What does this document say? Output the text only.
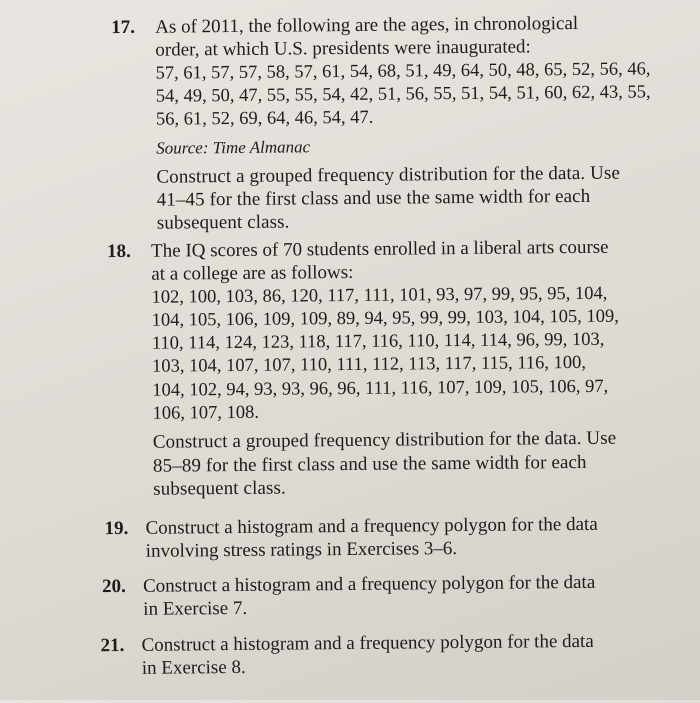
17. As of 2011, the following are the ages, in chronological
order, at which U.S. presidents were inaugurated:
57, 61, 57, 57, 58, 57, 61, 54, 68, 51, 49, 64, 50, 48, 65, 52, 56, 46,
54, 49, 50, 47, 55, 55, 54, 42, 51, 56, 55, 51, 54, 51, 60, 62, 43, 55,
56, 61, 52, 69, 64, 46, 54, 47.
Source: Time Almanac
Construct a grouped frequency distribution for the data. Use
41–45 for the first class and use the same width for each
subsequent class.
18. The IQ scores of 70 students enrolled in a liberal arts course
at a college are as follows:
102, 100, 103, 86, 120, 117, 111, 101, 93, 97, 99, 95, 95, 104,
104, 105, 106, 109, 109, 89, 94, 95, 99, 99, 103, 104, 105, 109,
110, 114, 124, 123, 118, 117, 116, 110, 114, 114, 96, 99, 103,
103, 104, 107, 107, 110, 111, 112, 113, 117, 115, 116, 100,
104, 102, 94, 93, 93, 96, 96, 111, 116, 107, 109, 105, 106, 97,
106, 107, 108.
Construct a grouped frequency distribution for the data. Use
85–89 for the first class and use the same width for each
subsequent class.
19. Construct a histogram and a frequency polygon for the data
involving stress ratings in Exercises 3–6.
20. Construct a histogram and a frequency polygon for the data
in Exercise 7.
21. Construct a histogram and a frequency polygon for the data
in Exercise 8.
